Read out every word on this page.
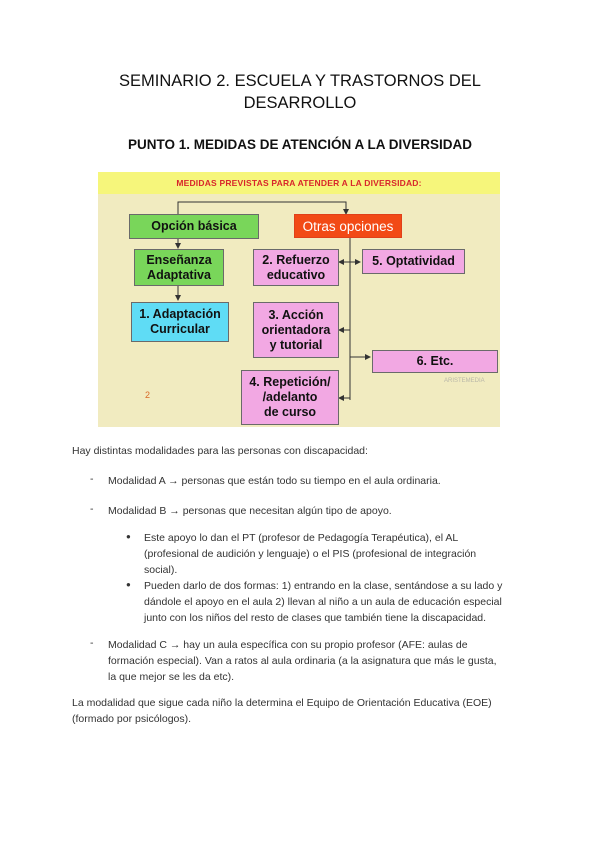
SEMINARIO 2. ESCUELA Y TRASTORNOS DEL
DESARROLLO
PUNTO 1. MEDIDAS DE ATENCIÓN A LA DIVERSIDAD
MEDIDAS PREVISTAS PARA ATENDER A LA DIVERSIDAD:
Opción básica	Otras opciones
Enseñanza
Adaptativa
1. Adaptación
Curricular
2. Refuerzo
educativo
5. Optatividad
3. Acción
orientadora
y tutorial
6. Etc.
4. Repetición/
/adelanto
de curso
2
ARISTEMEDIA
Hay distintas modalidades para las personas con discapacidad:
- Modalidad A → personas que están todo su tiempo en el aula ordinaria.
- Modalidad B → personas que necesitan algún tipo de apoyo.
● Este apoyo lo dan el PT (profesor de Pedagogía Terapéutica), el AL
(profesional de audición y lenguaje) o el PIS (profesional de integración
social).
● Pueden darlo de dos formas: 1) entrando en la clase, sentándose a su lado y
dándole el apoyo en el aula 2) llevan al niño a un aula de educación especial
junto con los niños del resto de clases que también tiene la discapacidad.
- Modalidad C → hay un aula específica con su propio profesor (AFE: aulas de
formación especial). Van a ratos al aula ordinaria (a la asignatura que más le gusta,
la que mejor se les da etc).
La modalidad que sigue cada niño la determina el Equipo de Orientación Educativa (EOE)
(formado por psicólogos).
